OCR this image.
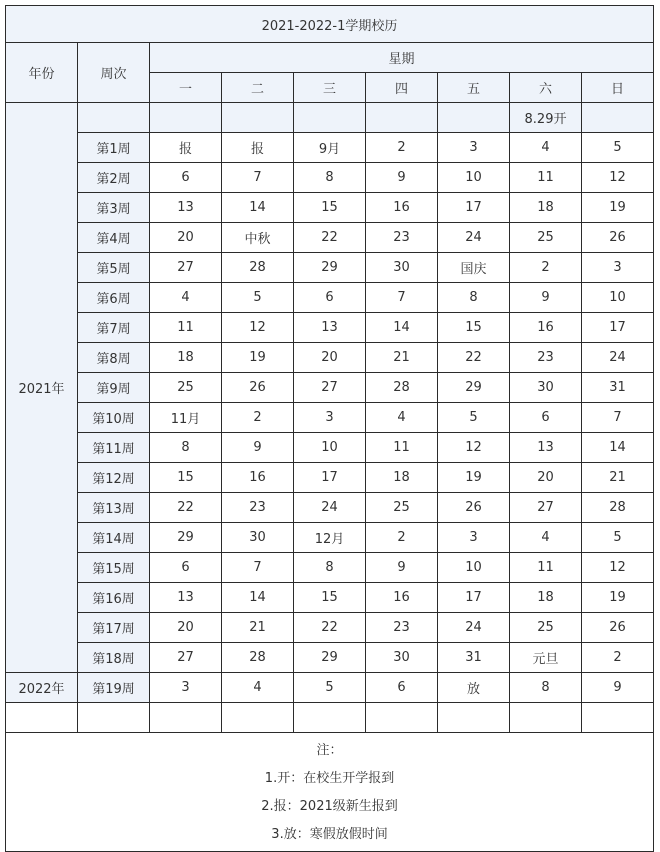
2021-2022-1学期校历								
年份	周次	星期						
		一	二	三	四	五	六	日
2021年							8.29开	
	第1周	报	报	9月	2	3	4	5
	第2周	6	7	8	9	10	11	12
	第3周	13	14	15	16	17	18	19
	第4周	20	中秋	22	23	24	25	26
	第5周	27	28	29	30	国庆	2	3
	第6周	4	5	6	7	8	9	10
	第7周	11	12	13	14	15	16	17
	第8周	18	19	20	21	22	23	24
	第9周	25	26	27	28	29	30	31
	第10周	11月	2	3	4	5	6	7
	第11周	8	9	10	11	12	13	14
	第12周	15	16	17	18	19	20	21
	第13周	22	23	24	25	26	27	28
	第14周	29	30	12月	2	3	4	5
	第15周	6	7	8	9	10	11	12
	第16周	13	14	15	16	17	18	19
	第17周	20	21	22	23	24	25	26
	第18周	27	28	29	30	31	元旦	2
2022年	第19周	3	4	5	6	放	8	9

注：
1.开：在校生开学报到
2.报：2021级新生报到
3.放：寒假放假时间								
